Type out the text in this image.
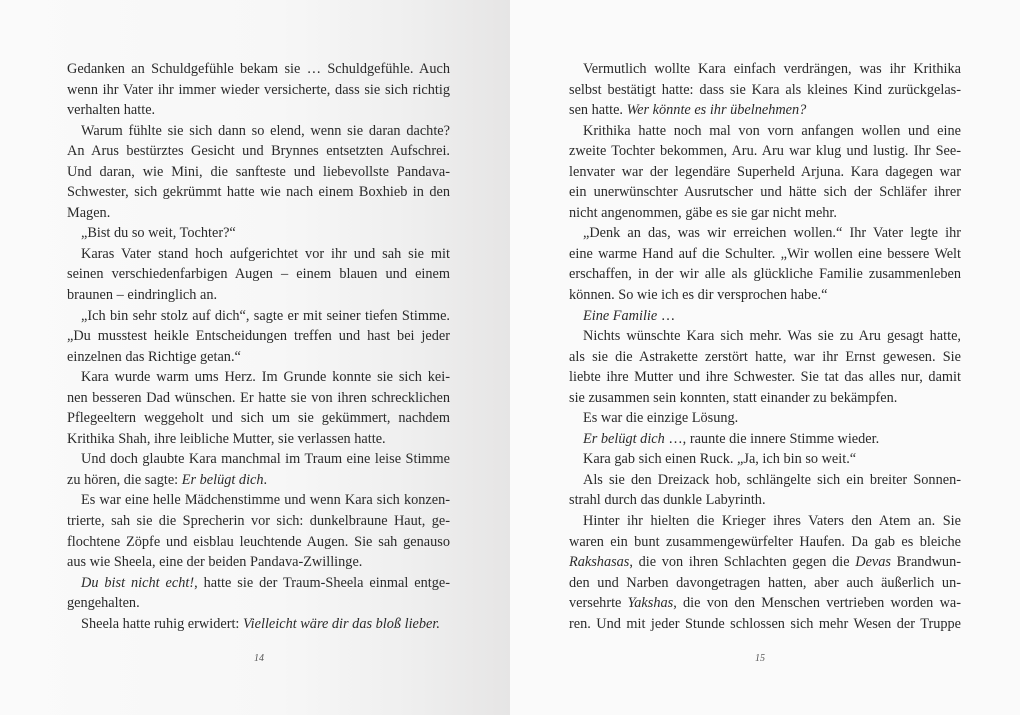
Gedanken an Schuldgefühle bekam sie … Schuldgefühle. Auch
wenn ihr Vater ihr immer wieder versicherte, dass sie sich richtig
verhalten hatte.
Warum fühlte sie sich dann so elend, wenn sie daran dachte?
An Arus bestürztes Gesicht und Brynnes entsetzten Aufschrei.
Und daran, wie Mini, die sanfteste und liebevollste Pandava-
Schwester, sich gekrümmt hatte wie nach einem Boxhieb in den
Magen.
„Bist du so weit, Tochter?“
Karas Vater stand hoch aufgerichtet vor ihr und sah sie mit
seinen verschiedenfarbigen Augen – einem blauen und einem
braunen – eindringlich an.
„Ich bin sehr stolz auf dich“, sagte er mit seiner tiefen Stimme.
„Du musstest heikle Entscheidungen treffen und hast bei jeder
einzelnen das Richtige getan.“
Kara wurde warm ums Herz. Im Grunde konnte sie sich kei-
nen besseren Dad wünschen. Er hatte sie von ihren schrecklichen
Pflegeeltern weggeholt und sich um sie gekümmert, nachdem
Krithika Shah, ihre leibliche Mutter, sie verlassen hatte.
Und doch glaubte Kara manchmal im Traum eine leise Stimme
zu hören, die sagte: Er belügt dich.
Es war eine helle Mädchenstimme und wenn Kara sich konzen-
trierte, sah sie die Sprecherin vor sich: dunkelbraune Haut, ge-
flochtene Zöpfe und eisblau leuchtende Augen. Sie sah genauso
aus wie Sheela, eine der beiden Pandava-Zwillinge.
Du bist nicht echt!, hatte sie der Traum-Sheela einmal entge-
gengehalten.
Sheela hatte ruhig erwidert: Vielleicht wäre dir das bloß lieber.
14
Vermutlich wollte Kara einfach verdrängen, was ihr Krithika
selbst bestätigt hatte: dass sie Kara als kleines Kind zurückgelas-
sen hatte. Wer könnte es ihr übelnehmen?
Krithika hatte noch mal von vorn anfangen wollen und eine
zweite Tochter bekommen, Aru. Aru war klug und lustig. Ihr See-
lenvater war der legendäre Superheld Arjuna. Kara dagegen war
ein unerwünschter Ausrutscher und hätte sich der Schläfer ihrer
nicht angenommen, gäbe es sie gar nicht mehr.
„Denk an das, was wir erreichen wollen.“ Ihr Vater legte ihr
eine warme Hand auf die Schulter. „Wir wollen eine bessere Welt
erschaffen, in der wir alle als glückliche Familie zusammenleben
können. So wie ich es dir versprochen habe.“
Eine Familie …
Nichts wünschte Kara sich mehr. Was sie zu Aru gesagt hatte,
als sie die Astrakette zerstört hatte, war ihr Ernst gewesen. Sie
liebte ihre Mutter und ihre Schwester. Sie tat das alles nur, damit
sie zusammen sein konnten, statt einander zu bekämpfen.
Es war die einzige Lösung.
Er belügt dich …, raunte die innere Stimme wieder.
Kara gab sich einen Ruck. „Ja, ich bin so weit.“
Als sie den Dreizack hob, schlängelte sich ein breiter Sonnen-
strahl durch das dunkle Labyrinth.
Hinter ihr hielten die Krieger ihres Vaters den Atem an. Sie
waren ein bunt zusammengewürfelter Haufen. Da gab es bleiche
Rakshasas, die von ihren Schlachten gegen die Devas Brandwun-
den und Narben davongetragen hatten, aber auch äußerlich un-
versehrte Yakshas, die von den Menschen vertrieben worden wa-
ren. Und mit jeder Stunde schlossen sich mehr Wesen der Truppe
15
